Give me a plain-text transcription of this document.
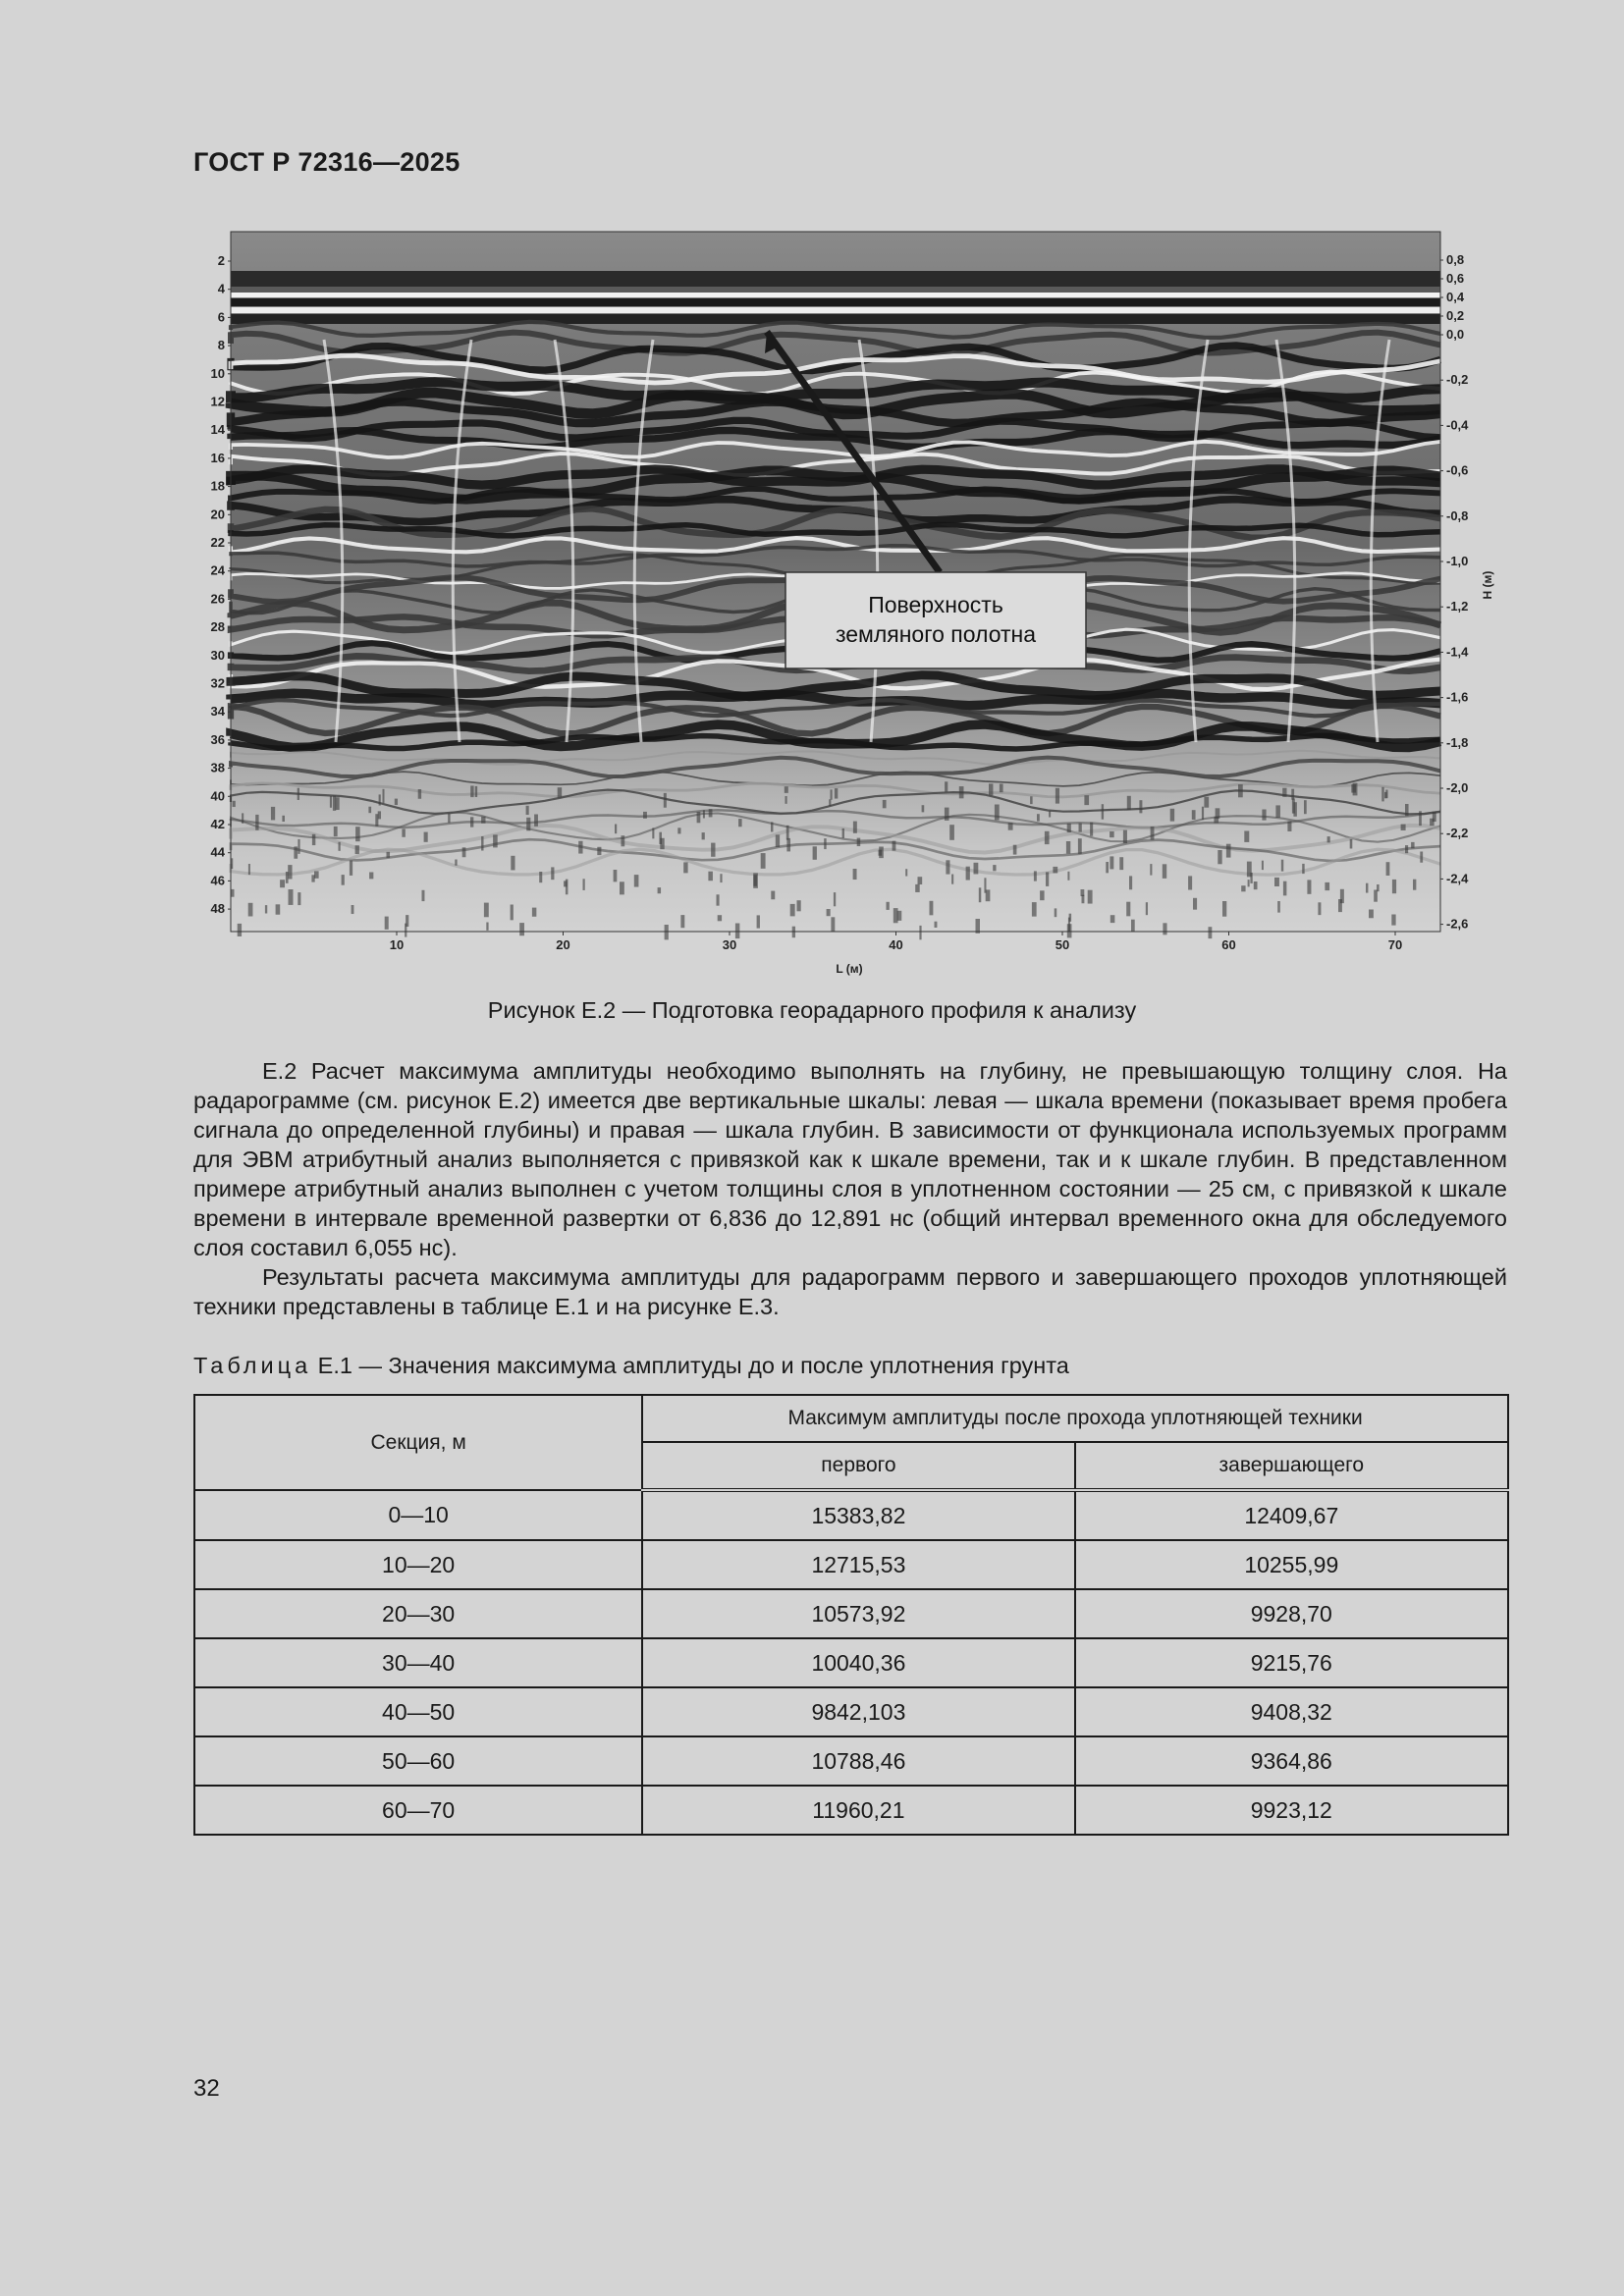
ГОСТ Р 72316—2025
2
4
6
8
10
12
14
16
18
20
22
24
26
28
30
32
34
36
38
40
42
44
46
48
0,8
0,6
0,4
0,2
0,0
-0,2
-0,4
-0,6
-0,8
-1,0
-1,2
-1,4
-1,6
-1,8
-2,0
-2,2
-2,4
-2,6
10	20	30	40	50	60	70
L (м)
H (м)
Поверхность
земляного полотна
Рисунок Е.2 — Подготовка георадарного профиля к анализу

Е.2 Расчет максимума амплитуды необходимо выполнять на глубину, не превышающую толщину слоя. На радарограмме (см. рисунок Е.2) имеется две вертикальные шкалы: левая — шкала времени (показывает время пробега сигнала до определенной глубины) и правая — шкала глубин. В зависимости от функционала используемых программ для ЭВМ атрибутный анализ выполняется с привязкой как к шкале времени, так и к шкале глубин. В представленном примере атрибутный анализ выполнен с учетом толщины слоя в уплотненном состоянии — 25 см, с привязкой к шкале времени в интервале временной развертки от 6,836 до 12,891 нс (общий интервал временного окна для обследуемого слоя составил 6,055 нс).

Результаты расчета максимума амплитуды для радарограмм первого и завершающего проходов уплотняющей техники представлены в таблице Е.1 и на рисунке Е.3.

Таблица Е.1 — Значения максимума амплитуды до и после уплотнения грунта
Секция, м	Максимум амплитуды после прохода уплотняющей техники	
	первого	завершающего
0—10	15383,82	12409,67
10—20	12715,53	10255,99
20—30	10573,92	9928,70
30—40	10040,36	9215,76
40—50	9842,103	9408,32
50—60	10788,46	9364,86
60—70	11960,21	9923,12
32
